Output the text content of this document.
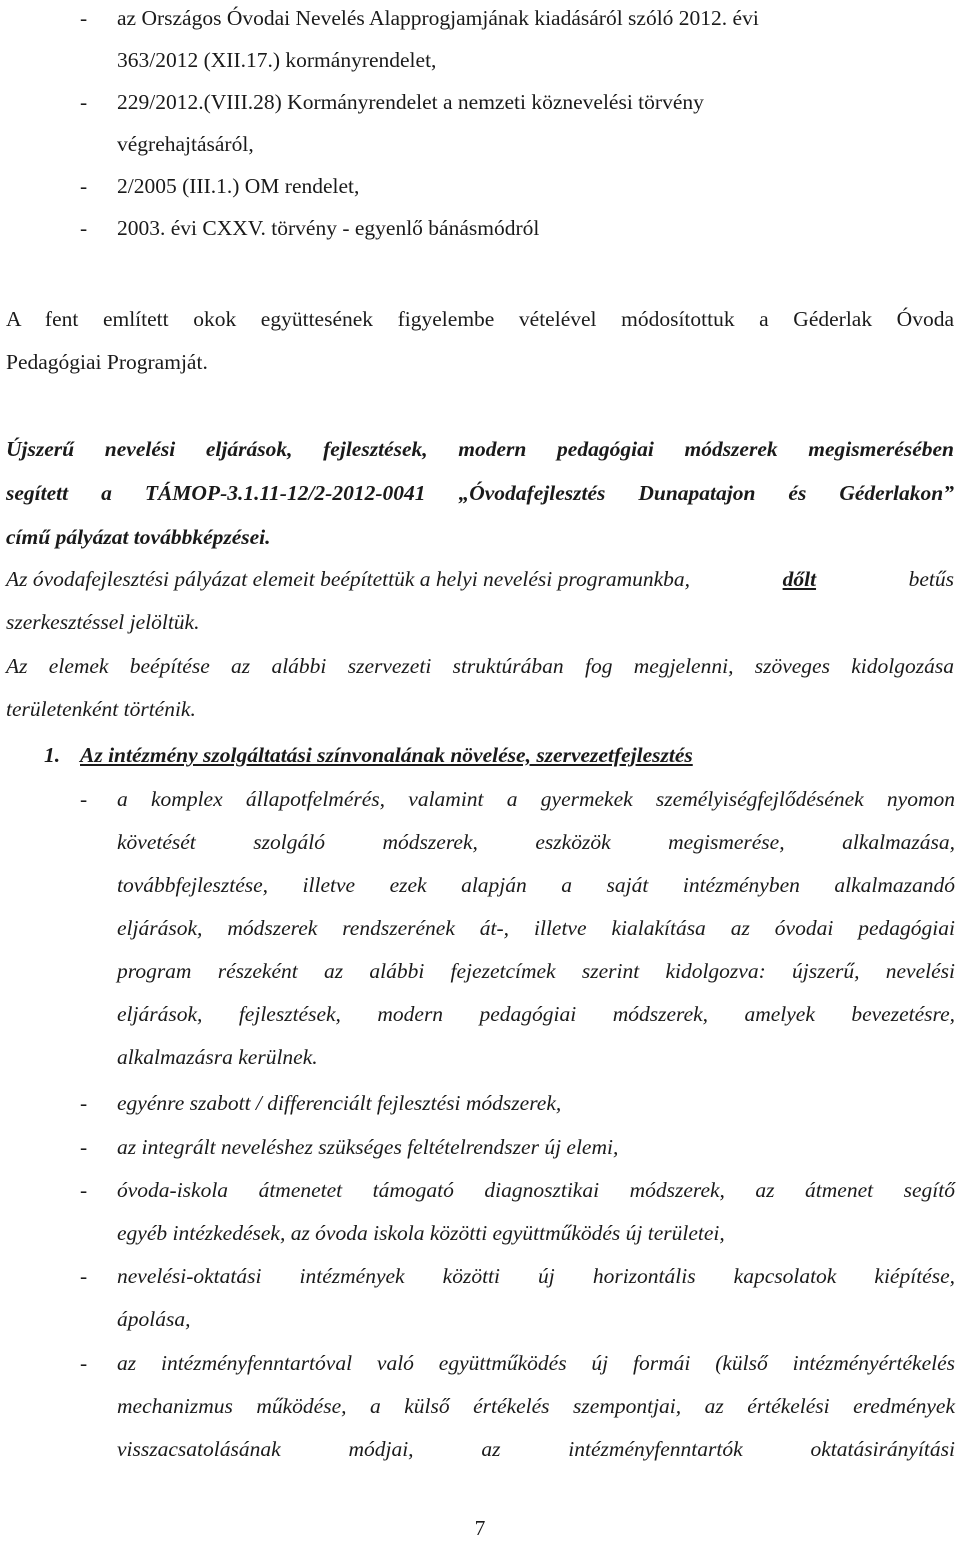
- az Országos Óvodai Nevelés Alapprogjamjának kiadásáról szóló 2012. évi
363/2012 (XII.17.) kormányrendelet,
- 229/2012.(VIII.28) Kormányrendelet a nemzeti köznevelési törvény
végrehajtásáról,
- 2/2005 (III.1.) OM rendelet,
- 2003. évi CXXV. törvény - egyenlő bánásmódról
A fent említett okok együttesének figyelembe vételével módosítottuk a Géderlak Óvoda
Pedagógiai Programját.
Újszerű nevelési eljárások, fejlesztések, modern pedagógiai módszerek megismerésében
segített a TÁMOP-3.1.11-12/2-2012-0041 „Óvodafejlesztés Dunapatajon és Géderlakon”
című pályázat továbbképzései.
Az óvodafejlesztési pályázat elemeit beépítettük a helyi nevelési programunkba,	dőlt	betűs
szerkesztéssel jelöltük.
Az elemek beépítése az alábbi szervezeti struktúrában fog megjelenni, szöveges kidolgozása
területenként történik.
1. Az intézmény szolgáltatási színvonalának növelése, szervezetfejlesztés
- a komplex állapotfelmérés, valamint a gyermekek személyiségfejlődésének nyomon
követését szolgáló módszerek, eszközök megismerése, alkalmazása,
továbbfejlesztése, illetve ezek alapján a saját intézményben alkalmazandó
eljárások, módszerek rendszerének át-, illetve kialakítása az óvodai pedagógiai
program részeként az alábbi fejezetcímek szerint kidolgozva: újszerű, nevelési
eljárások, fejlesztések, modern pedagógiai módszerek, amelyek bevezetésre,
alkalmazásra kerülnek.
- egyénre szabott / differenciált fejlesztési módszerek,
- az integrált neveléshez szükséges feltételrendszer új elemi,
- óvoda-iskola átmenetet támogató diagnosztikai módszerek, az átmenet segítő
egyéb intézkedések, az óvoda iskola közötti együttműködés új területei,
- nevelési-oktatási intézmények közötti új horizontális kapcsolatok kiépítése,
ápolása,
- az intézményfenntartóval való együttműködés új formái (külső intézményértékelés
mechanizmus működése, a külső értékelés szempontjai, az értékelési eredmények
visszacsatolásának módjai, az intézményfenntartók oktatásirányítási
7
